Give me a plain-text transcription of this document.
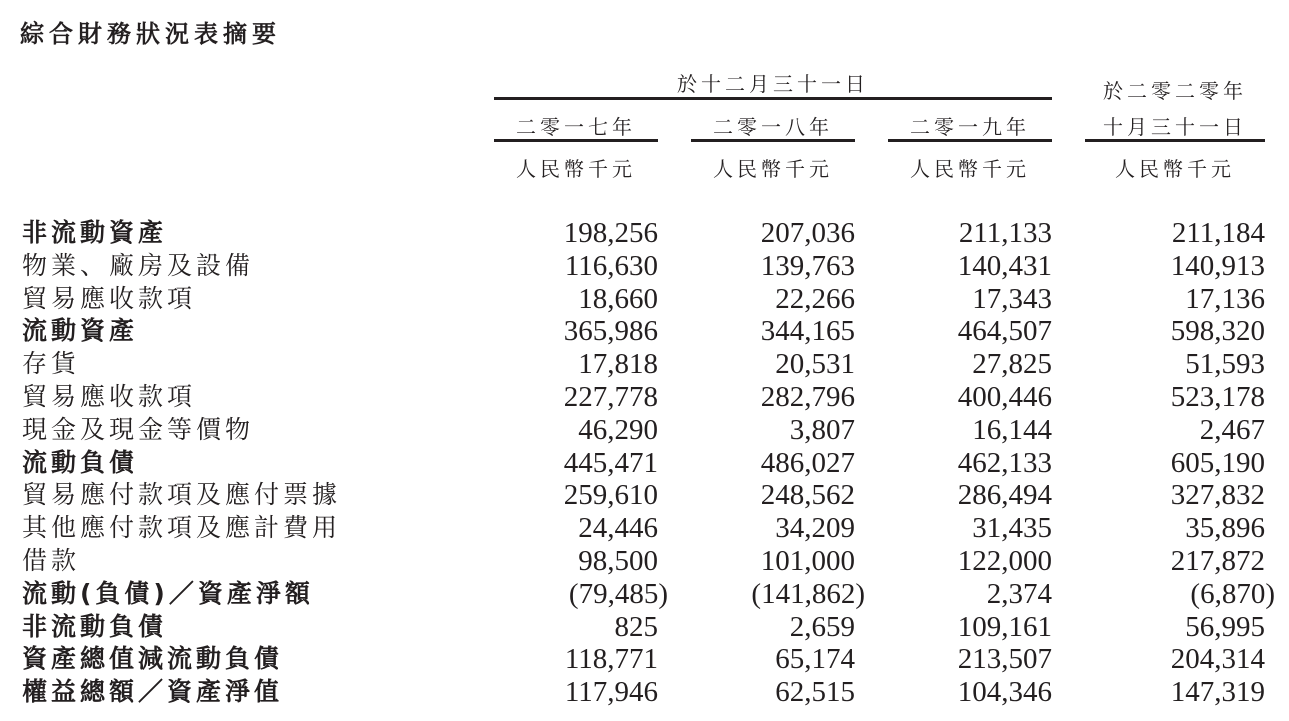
綜合財務狀況表摘要
於十二月三十一日	於二零二零年
二零一七年	二零一八年	二零一九年	十月三十一日
人民幣千元	人民幣千元	人民幣千元	人民幣千元
非流動資產	198,256	207,036	211,133	211,184
物業、廠房及設備	116,630	139,763	140,431	140,913
貿易應收款項	18,660	22,266	17,343	17,136
流動資產	365,986	344,165	464,507	598,320
存貨	17,818	20,531	27,825	51,593
貿易應收款項	227,778	282,796	400,446	523,178
現金及現金等價物	46,290	3,807	16,144	2,467
流動負債	445,471	486,027	462,133	605,190
貿易應付款項及應付票據	259,610	248,562	286,494	327,832
其他應付款項及應計費用	24,446	34,209	31,435	35,896
借款	98,500	101,000	122,000	217,872
流動(負債)／資產淨額	(79,485)	(141,862)	2,374	(6,870)
非流動負債	825	2,659	109,161	56,995
資產總值減流動負債	118,771	65,174	213,507	204,314
權益總額／資產淨值	117,946	62,515	104,346	147,319
